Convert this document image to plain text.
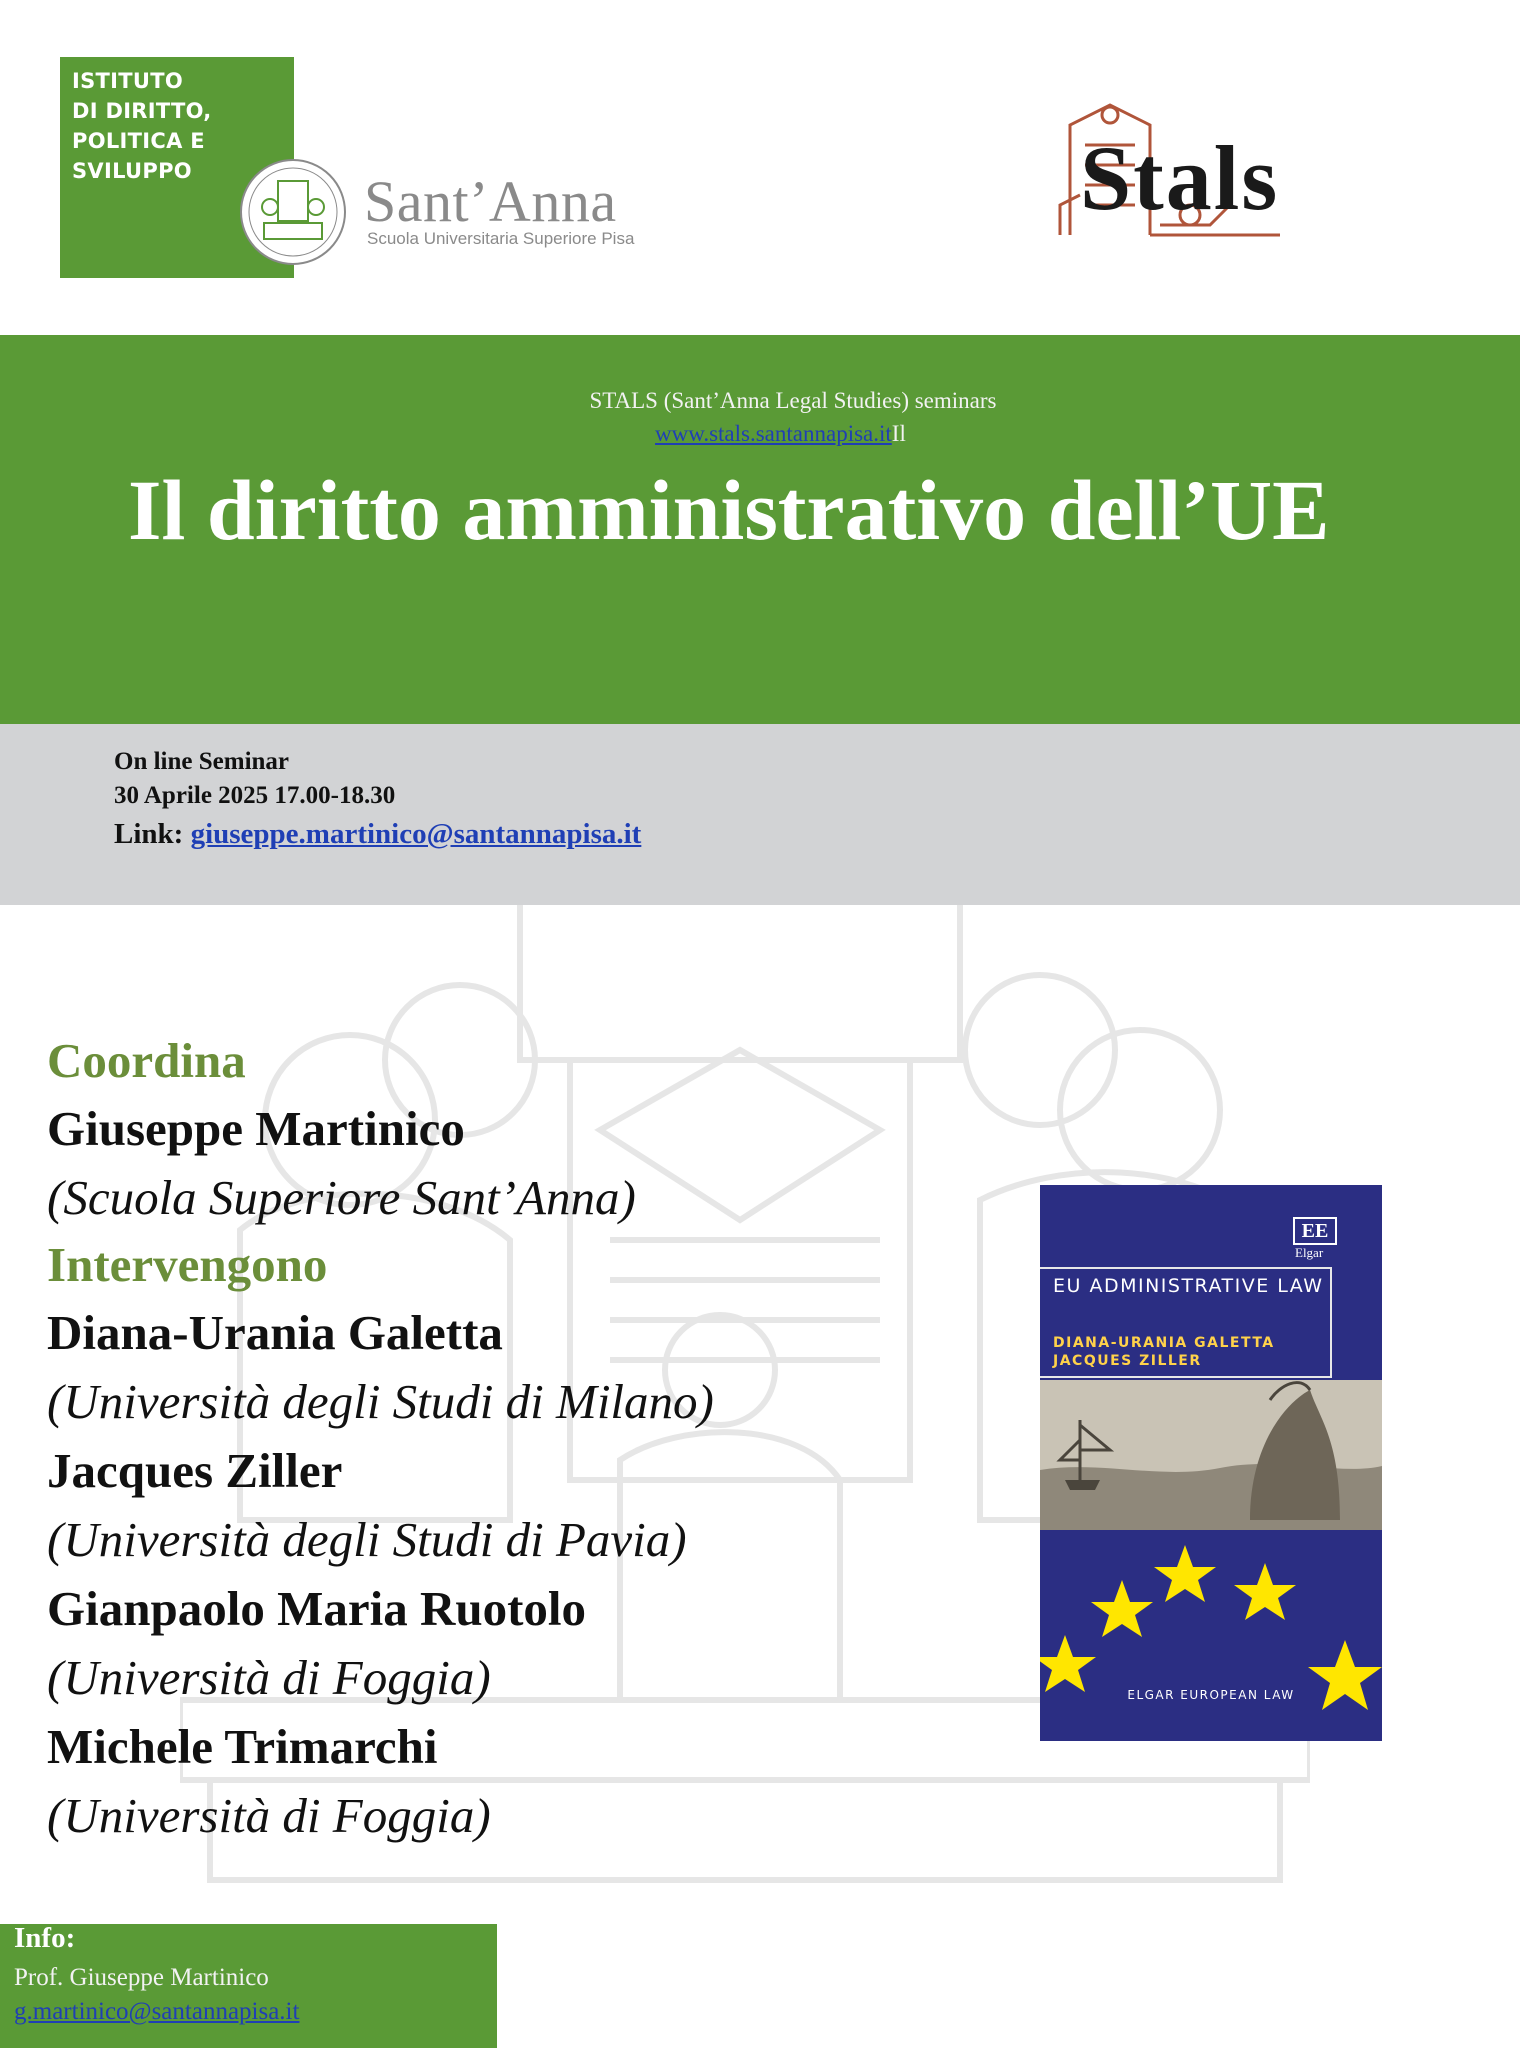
ISTITUTO
DI DIRITTO,
POLITICA E
SVILUPPO	Sant’Anna
Scuola Universitaria Superiore Pisa
Stals
STALS (Sant’Anna Legal Studies) seminars
www.stals.santannapisa.itIl
Il diritto amministrativo dell’UE
On line Seminar
30 Aprile 2025 17.00-18.30
Link: giuseppe.martinico@santannapisa.it
Coordina
Giuseppe Martinico
(Scuola Superiore Sant’Anna)
Intervengono
Diana-Urania Galetta
(Università degli Studi di Milano)
Jacques Ziller
(Università degli Studi di Pavia)
Gianpaolo Maria Ruotolo
(Università di Foggia)
Michele Trimarchi
(Università di Foggia)
EE
Elgar
EU ADMINISTRATIVE LAW
DIANA-URANIA GALETTA
JACQUES ZILLER
ELGAR EUROPEAN LAW
Info:
Prof. Giuseppe Martinico
g.martinico@santannapisa.it
